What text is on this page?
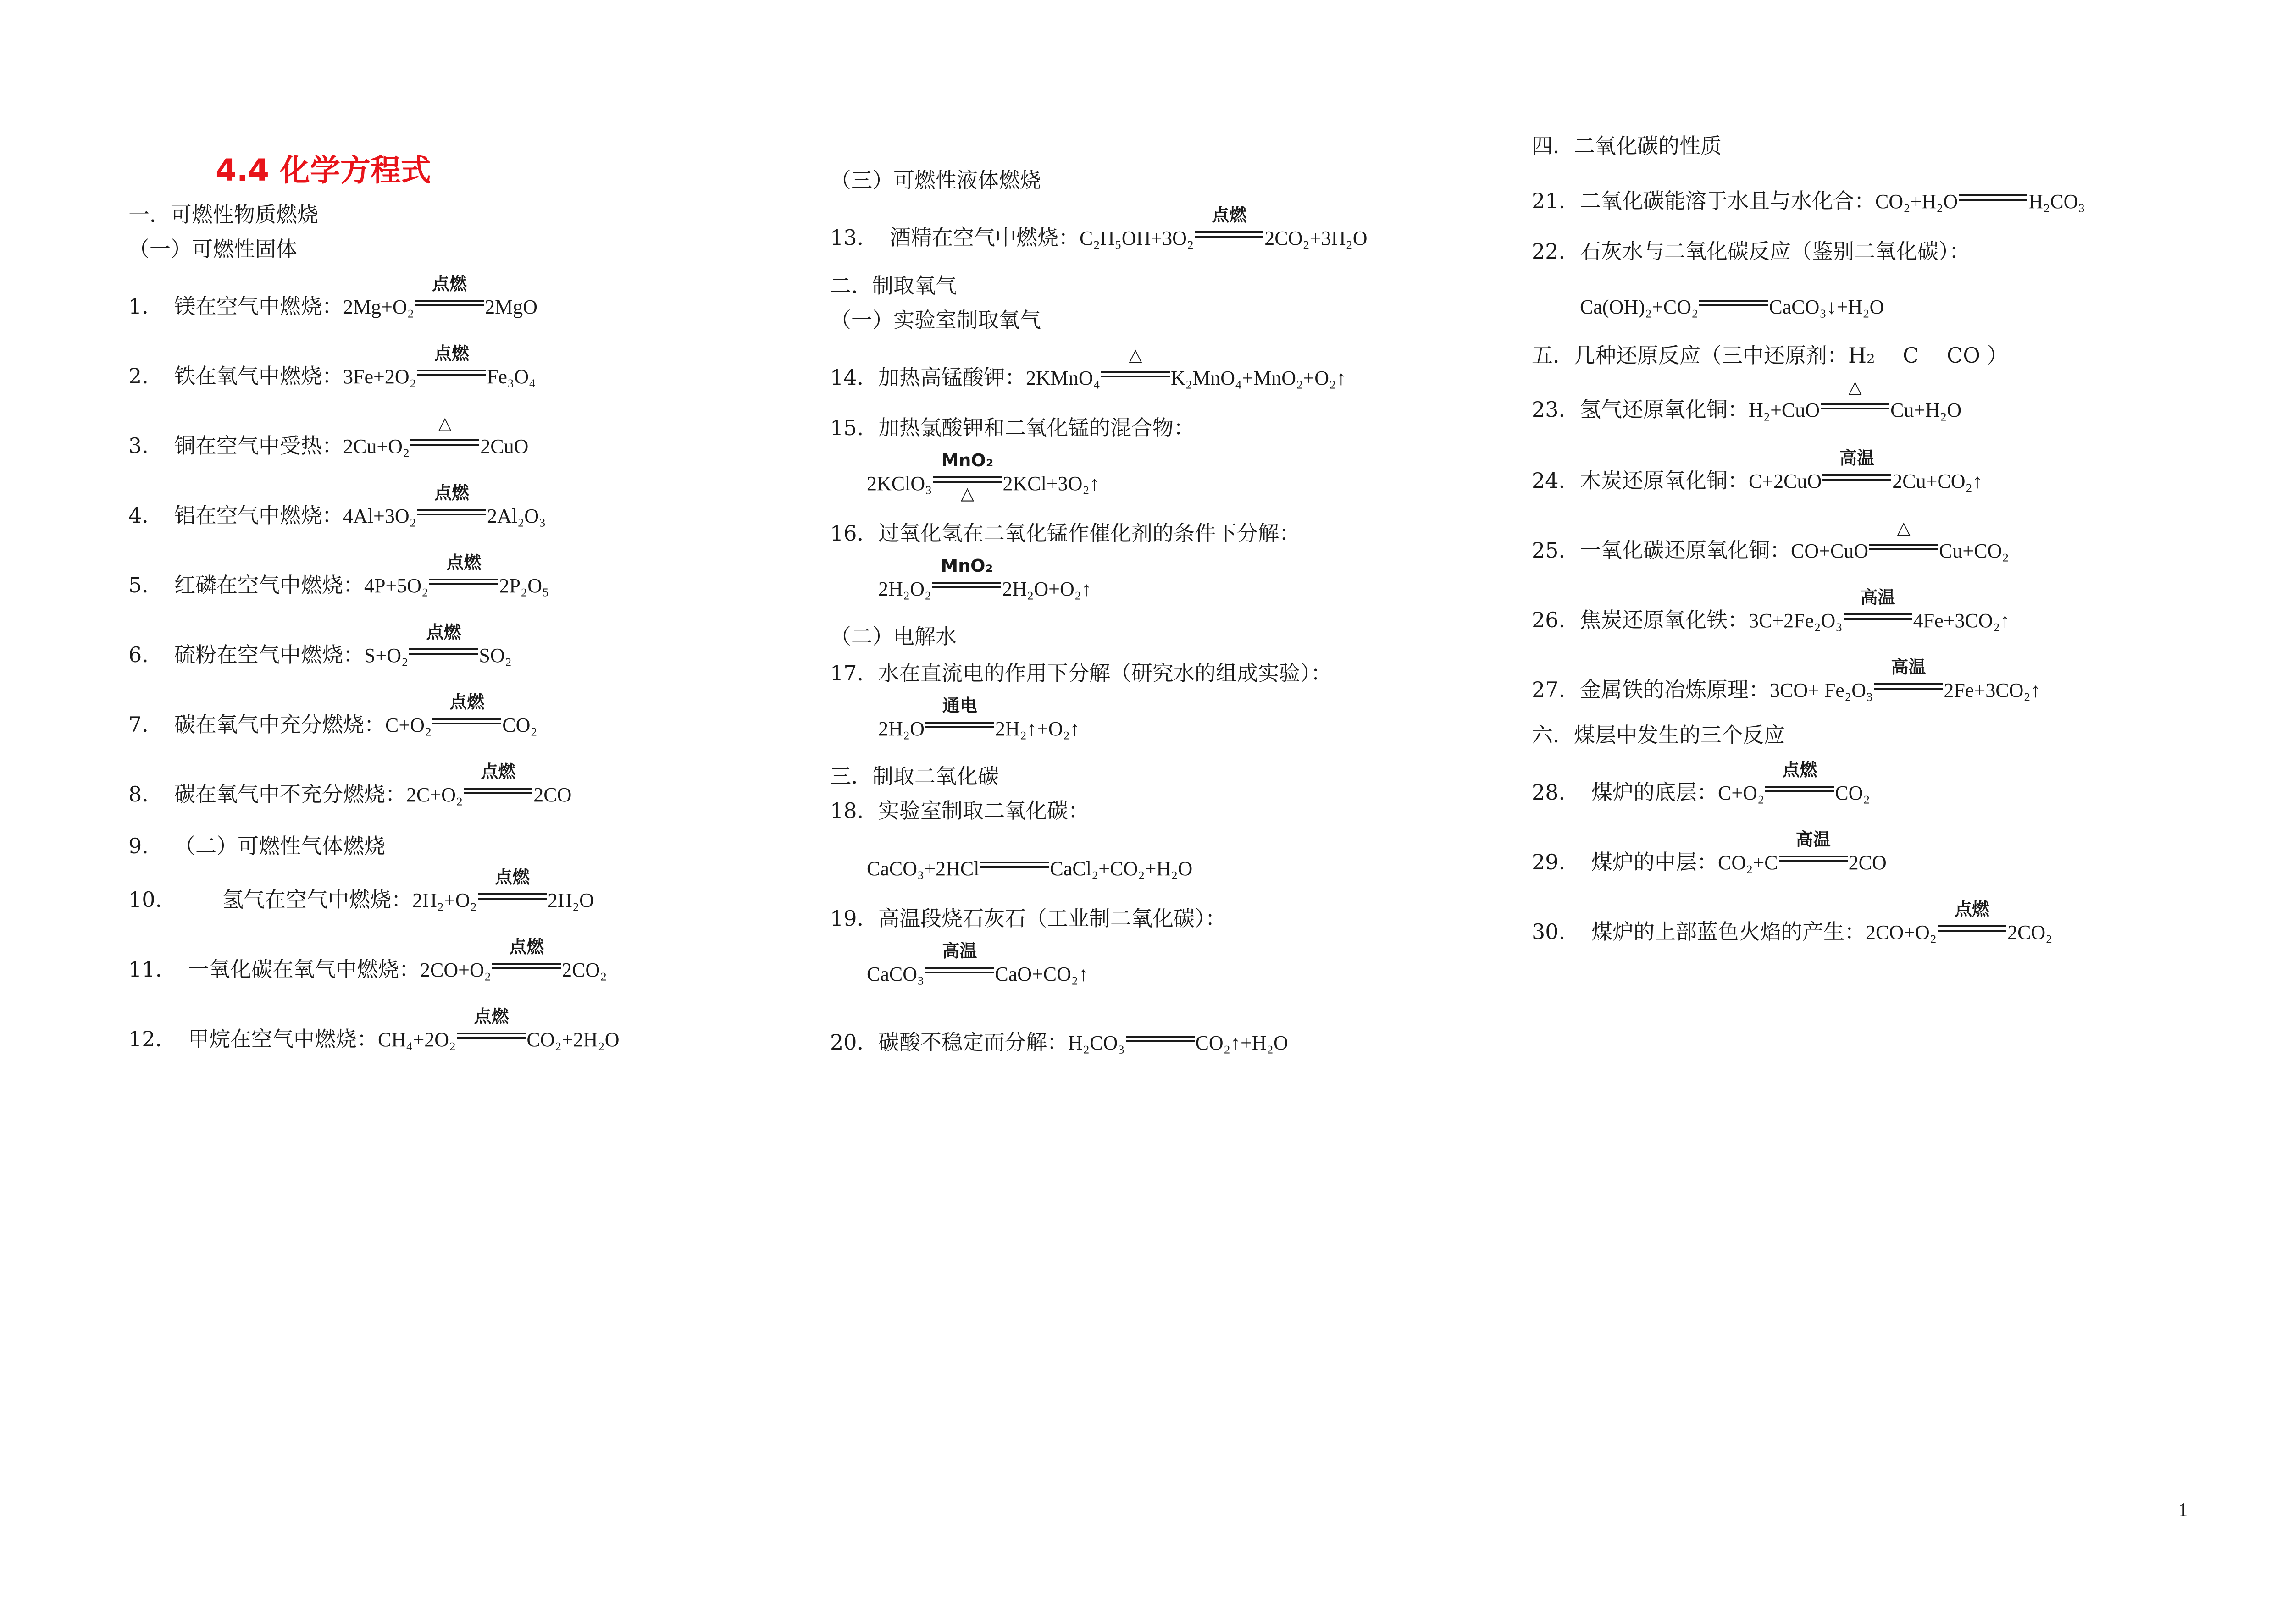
4.4 化学方程式
一．可燃性物质燃烧
（一）可燃性固体
1.	镁在空气中燃烧： 2Mg+O₂
点燃
2MgO
2.	铁在氧气中燃烧： 3Fe+2O₂
点燃
Fe₃O₄
3.	铜在空气中受热： 2Cu+O₂
△
2CuO
4.	铝在空气中燃烧： 4Al+3O₂
点燃
2Al₂O₃
5.	红磷在空气中燃烧： 4P+5O₂
点燃
2P₂O₅
6.	硫粉在空气中燃烧： S+O₂
点燃
SO₂
7.	碳在氧气中充分燃烧： C+O₂
点燃
CO₂
8.	碳在氧气中不充分燃烧： 2C+O₂
点燃
2CO
9.	（二）可燃性气体燃烧
10.	氢气在空气中燃烧： 2H₂+O₂
点燃
2H₂O
11.	一氧化碳在氧气中燃烧： 2CO+O₂
点燃
2CO₂
12.	甲烷在空气中燃烧： CH₄+2O₂
点燃
CO₂+2H₂O
（三）可燃性液体燃烧
13.	酒精在空气中燃烧： C₂H₅OH+3O₂
点燃
2CO₂+3H₂O
二．制取氧气
（一）实验室制取氧气
14. 加热高锰酸钾： 2KMnO₄
△
K₂MnO₄+MnO₂+O₂↑
15. 加热氯酸钾和二氧化锰的混合物：
2KClO₃
MnO₂
△	2KCl+3O₂↑
16. 过氧化氢在二氧化锰作催化剂的条件下分解：
2H₂O₂
MnO₂
2H₂O+O₂↑
（二）电解水
17. 水在直流电的作用下分解（研究水的组成实验）：
2H₂O
通电
2H₂↑+O₂↑
三．制取二氧化碳
18. 实验室制取二氧化碳：
CaCO₃+2HCl	CaCl₂+CO₂+H₂O
19. 高温段烧石灰石（工业制二氧化碳）：
CaCO₃
高温
CaO+CO₂↑
20. 碳酸不稳定而分解： H₂CO₃	CO₂↑+H₂O
四．二氧化碳的性质
21. 二氧化碳能溶于水且与水化合： CO₂+H₂O	H₂CO₃
22. 石灰水与二氧化碳反应（鉴别二氧化碳）：
Ca(OH)₂+CO₂	CaCO₃↓+H₂O
五．几种还原反应（三中还原剂：H₂　 C　 CO ）
23. 氢气还原氧化铜： H₂+CuO
△
Cu+H₂O
24. 木炭还原氧化铜： C+2CuO
高温
2Cu+CO₂↑
25. 一氧化碳还原氧化铜： CO+CuO
△
Cu+CO₂
26. 焦炭还原氧化铁： 3C+2Fe₂O₃
高温
4Fe+3CO₂↑
27. 金属铁的冶炼原理： 3CO+ Fe₂O₃
高温
2Fe+3CO₂↑
六．煤层中发生的三个反应
28.	煤炉的底层： C+O₂
点燃
CO₂
29.	煤炉的中层： CO₂+C
高温
2CO
30.	煤炉的上部蓝色火焰的产生： 2CO+O₂
点燃
2CO₂
1
